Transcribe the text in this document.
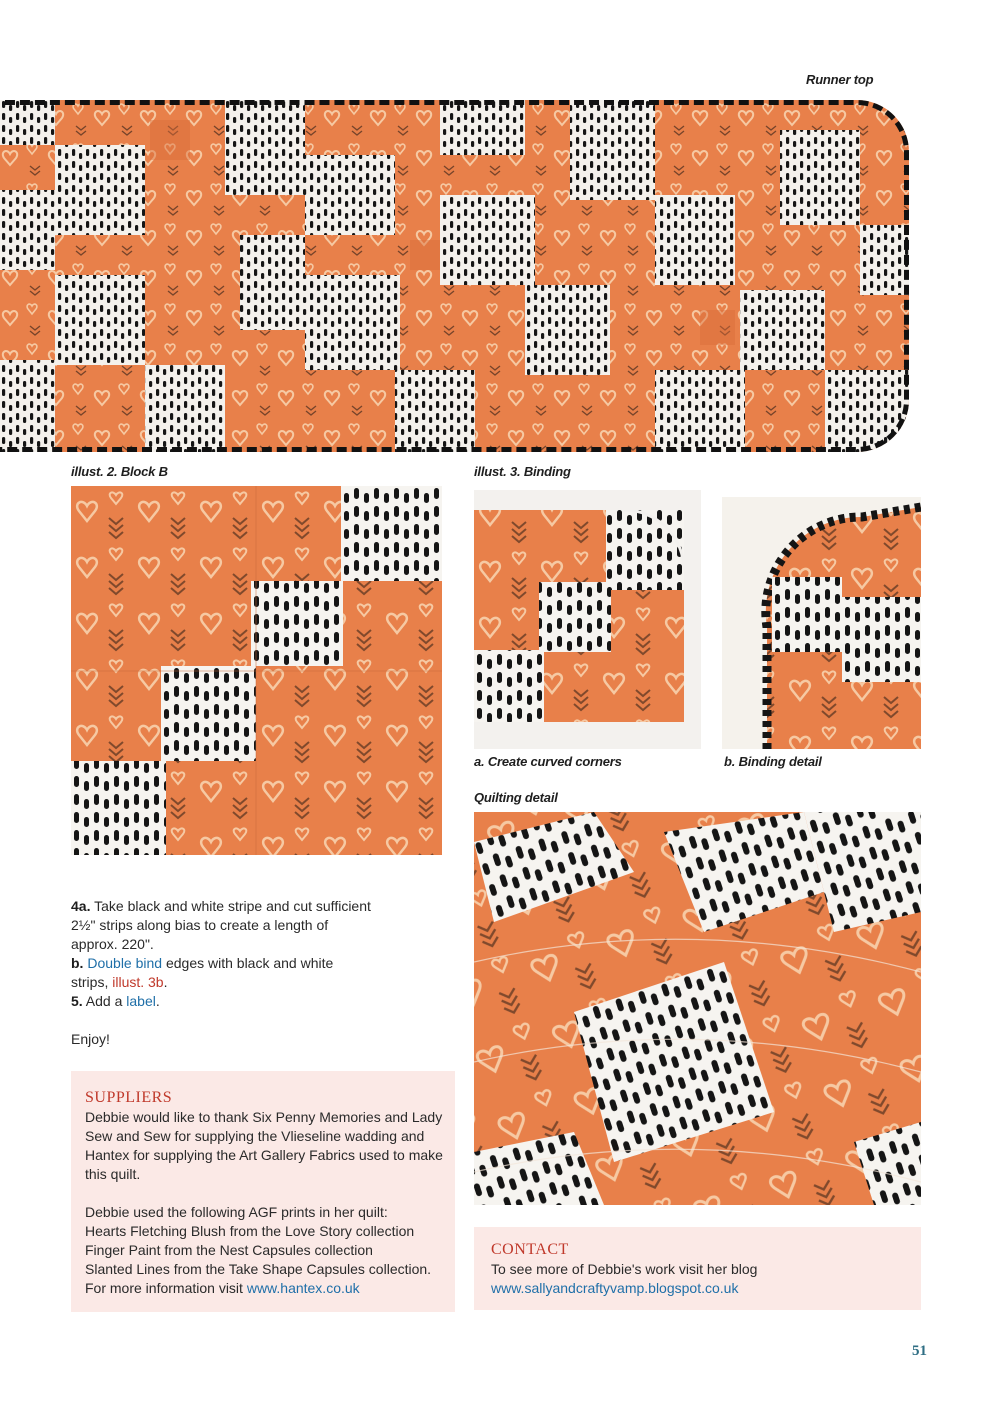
Runner top
illust. 2. Block B	illust. 3. Binding
a. Create curved corners	b. Binding detail
Quilting detail

4a. Take black and white stripe and cut sufficient 2½" strips along bias to create a length of approx. 220".

b. Double bind edges with black and white strips, illust. 3b.

5. Add a label.

Enjoy!

SUPPLIERS

Debbie would like to thank Six Penny Memories and Lady Sew and Sew for supplying the Vlieseline wadding and Hantex for supplying the Art Gallery Fabrics used to make this quilt.

Debbie used the following AGF prints in her quilt:
Hearts Fletching Blush from the Love Story collection
Finger Paint from the Nest Capsules collection
Slanted Lines from the Take Shape Capsules collection.
For more information visit www.hantex.co.uk

CONTACT

To see more of Debbie's work visit her blog
www.sallyandcraftyvamp.blogspot.co.uk

51
